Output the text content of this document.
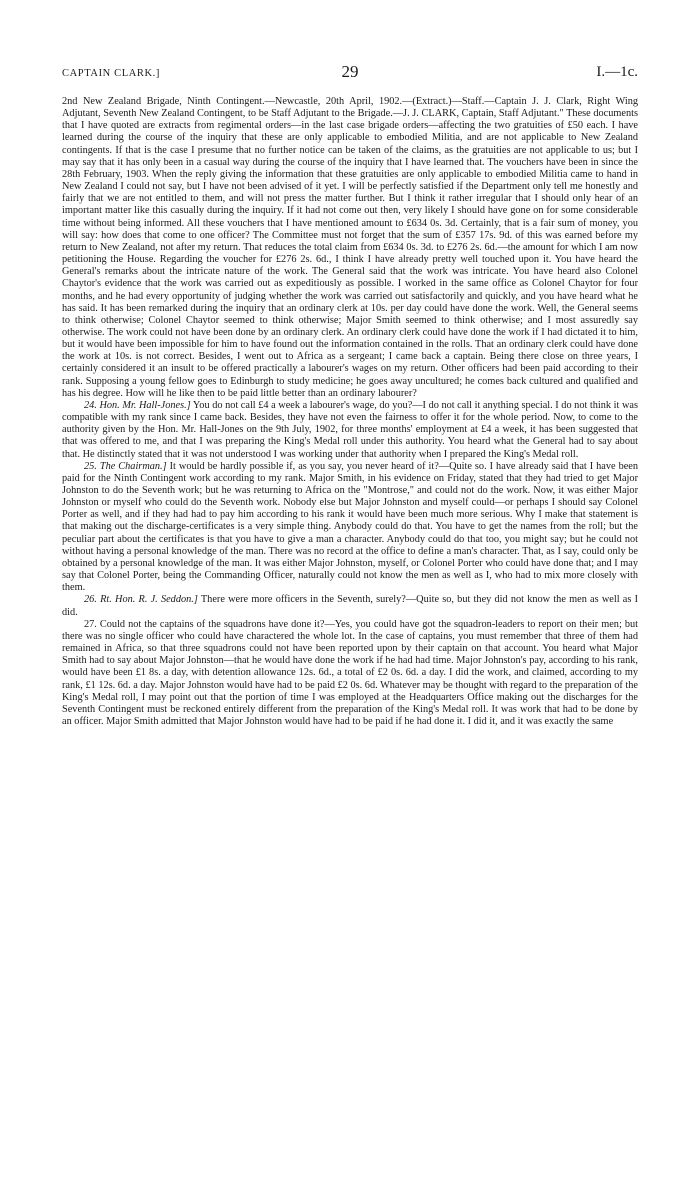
CAPTAIN CLARK.]	29	I.—1c.

2nd New Zealand Brigade, Ninth Contingent.—Newcastle, 20th April, 1902.—(Extract.)—Staff.—Captain J. J. Clark, Right Wing Adjutant, Seventh New Zealand Contingent, to be Staff Adjutant to the Brigade.—J. J. CLARK, Captain, Staff Adjutant." These documents that I have quoted are extracts from regimental orders—in the last case brigade orders—affecting the two gratuities of £50 each. I have learned during the course of the inquiry that these are only applicable to embodied Militia, and are not applicable to New Zealand contingents. If that is the case I presume that no further notice can be taken of the claims, as the gratuities are not applicable to us; but I may say that it has only been in a casual way during the course of the inquiry that I have learned that. The vouchers have been in since the 28th February, 1903. When the reply giving the information that these gratuities are only applicable to embodied Militia came to hand in New Zealand I could not say, but I have not been advised of it yet. I will be perfectly satisfied if the Department only tell me honestly and fairly that we are not entitled to them, and will not press the matter further. But I think it rather irregular that I should only hear of an important matter like this casually during the inquiry. If it had not come out then, very likely I should have gone on for some considerable time without being informed. All these vouchers that I have mentioned amount to £634 0s. 3d. Certainly, that is a fair sum of money, you will say: how does that come to one officer? The Committee must not forget that the sum of £357 17s. 9d. of this was earned before my return to New Zealand, not after my return. That reduces the total claim from £634 0s. 3d. to £276 2s. 6d.—the amount for which I am now petitioning the House. Regarding the voucher for £276 2s. 6d., I think I have already pretty well touched upon it. You have heard the General's remarks about the intricate nature of the work. The General said that the work was intricate. You have heard also Colonel Chaytor's evidence that the work was carried out as expeditiously as possible. I worked in the same office as Colonel Chaytor for four months, and he had every opportunity of judging whether the work was carried out satisfactorily and quickly, and you have heard what he has said. It has been remarked during the inquiry that an ordinary clerk at 10s. per day could have done the work. Well, the General seems to think otherwise; Colonel Chaytor seemed to think otherwise; Major Smith seemed to think otherwise; and I most assuredly say otherwise. The work could not have been done by an ordinary clerk. An ordinary clerk could have done the work if I had dictated it to him, but it would have been impossible for him to have found out the information contained in the rolls. That an ordinary clerk could have done the work at 10s. is not correct. Besides, I went out to Africa as a sergeant; I came back a captain. Being there close on three years, I certainly considered it an insult to be offered practically a labourer's wages on my return. Other officers had been paid according to their rank. Supposing a young fellow goes to Edinburgh to study medicine; he goes away uncultured; he comes back cultured and qualified and has his degree. How will he like then to be paid little better than an ordinary labourer?

24. Hon. Mr. Hall-Jones.] You do not call £4 a week a labourer's wage, do you?—I do not call it anything special. I do not think it was compatible with my rank since I came back. Besides, they have not even the fairness to offer it for the whole period. Now, to come to the authority given by the Hon. Mr. Hall-Jones on the 9th July, 1902, for three months' employment at £4 a week, it has been suggested that that was offered to me, and that I was preparing the King's Medal roll under this authority. You heard what the General had to say about that. He distinctly stated that it was not understood I was working under that authority when I prepared the King's Medal roll.

25. The Chairman.] It would be hardly possible if, as you say, you never heard of it?—Quite so. I have already said that I have been paid for the Ninth Contingent work according to my rank. Major Smith, in his evidence on Friday, stated that they had tried to get Major Johnston to do the Seventh work; but he was returning to Africa on the "Montrose," and could not do the work. Now, it was either Major Johnston or myself who could do the Seventh work. Nobody else but Major Johnston and myself could—or perhaps I should say Colonel Porter as well, and if they had had to pay him according to his rank it would have been much more serious. Why I make that statement is that making out the discharge-certificates is a very simple thing. Anybody could do that. You have to get the names from the roll; but the peculiar part about the certificates is that you have to give a man a character. Anybody could do that too, you might say; but he could not without having a personal knowledge of the man. There was no record at the office to define a man's character. That, as I say, could only be obtained by a personal knowledge of the man. It was either Major Johnston, myself, or Colonel Porter who could have done that; and I may say that Colonel Porter, being the Commanding Officer, naturally could not know the men as well as I, who had to mix more closely with them.

26. Rt. Hon. R. J. Seddon.] There were more officers in the Seventh, surely?—Quite so, but they did not know the men as well as I did.

27. Could not the captains of the squadrons have done it?—Yes, you could have got the squadron-leaders to report on their men; but there was no single officer who could have charactered the whole lot. In the case of captains, you must remember that three of them had remained in Africa, so that three squadrons could not have been reported upon by their captain on that account. You heard what Major Smith had to say about Major Johnston—that he would have done the work if he had had time. Major Johnston's pay, according to his rank, would have been £1 8s. a day, with detention allowance 12s. 6d., a total of £2 0s. 6d. a day. I did the work, and claimed, according to my rank, £1 12s. 6d. a day. Major Johnston would have had to be paid £2 0s. 6d. Whatever may be thought with regard to the preparation of the King's Medal roll, I may point out that the portion of time I was employed at the Headquarters Office making out the discharges for the Seventh Contingent must be reckoned entirely different from the preparation of the King's Medal roll. It was work that had to be done by an officer. Major Smith admitted that Major Johnston would have had to be paid if he had done it. I did it, and it was exactly the same
